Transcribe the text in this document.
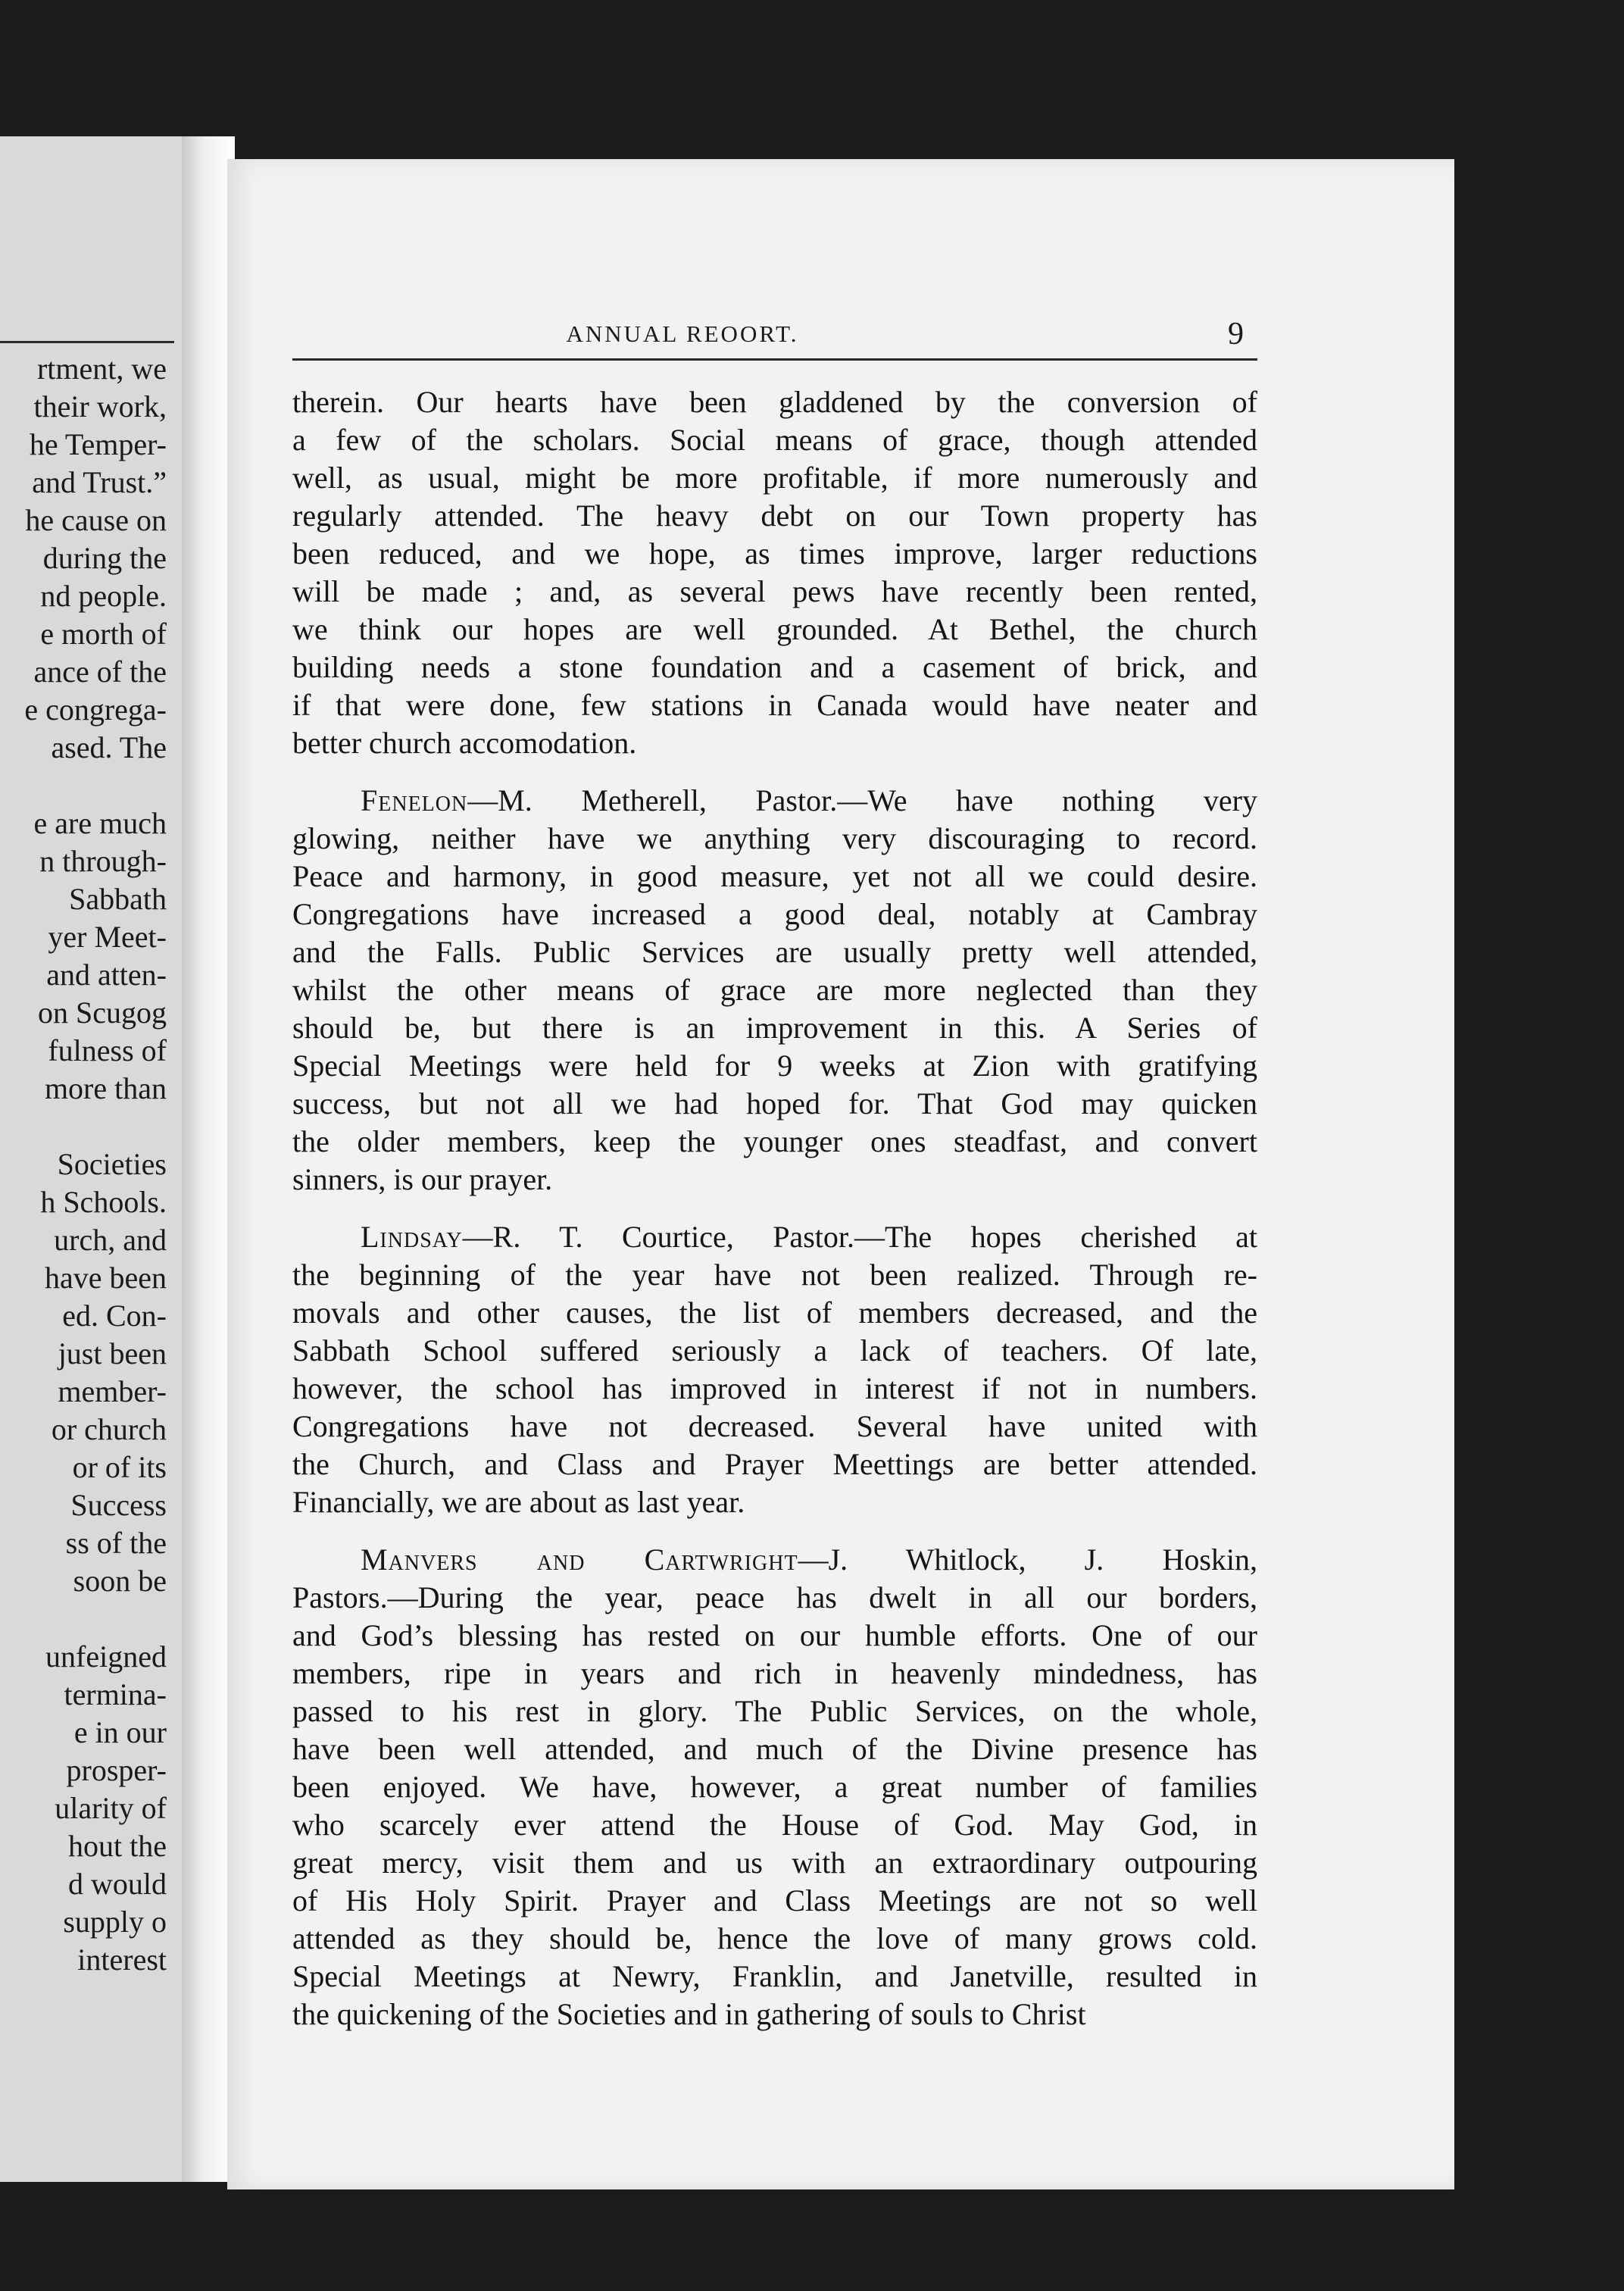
rtment, we
their work,
he Temper-
and Trust.”
he cause on
during the
nd people.
e morth of
ance of the
e congrega-
ased. The
e are much
n through-
Sabbath
yer Meet-
and atten-
on Scugog
fulness of
more than
Societies
h Schools.
urch, and
have been
ed. Con-
just been
member-
or church
or of its
Success
ss of the
soon be
unfeigned
termina-
e in our
prosper-
ularity of
hout the
d would
supply o
interest
ANNUAL REOORT.	9
therein. Our hearts have been gladdened by the conversion of
a few of the scholars. Social means of grace, though attended
well, as usual, might be more profitable, if more numerously and
regularly attended. The heavy debt on our Town property has
been reduced, and we hope, as times improve, larger reductions
will be made ; and, as several pews have recently been rented,
we think our hopes are well grounded. At Bethel, the church
building needs a stone foundation and a casement of brick, and
if that were done, few stations in Canada would have neater and
better church accomodation.
Fenelon—M. Metherell, Pastor.—We have nothing very
glowing, neither have we anything very discouraging to record.
Peace and harmony, in good measure, yet not all we could desire.
Congregations have increased a good deal, notably at Cambray
and the Falls. Public Services are usually pretty well attended,
whilst the other means of grace are more neglected than they
should be, but there is an improvement in this. A Series of
Special Meetings were held for 9 weeks at Zion with gratifying
success, but not all we had hoped for. That God may quicken
the older members, keep the younger ones steadfast, and convert
sinners, is our prayer.
Lindsay—R. T. Courtice, Pastor.—The hopes cherished at
the beginning of the year have not been realized. Through re-
movals and other causes, the list of members decreased, and the
Sabbath School suffered seriously a lack of teachers. Of late,
however, the school has improved in interest if not in numbers.
Congregations have not decreased. Several have united with
the Church, and Class and Prayer Meettings are better attended.
Financially, we are about as last year.
Manvers and Cartwright—J. Whitlock, J. Hoskin,
Pastors.—During the year, peace has dwelt in all our borders,
and God’s blessing has rested on our humble efforts. One of our
members, ripe in years and rich in heavenly mindedness, has
passed to his rest in glory. The Public Services, on the whole,
have been well attended, and much of the Divine presence has
been enjoyed. We have, however, a great number of families
who scarcely ever attend the House of God. May God, in
great mercy, visit them and us with an extraordinary outpouring
of His Holy Spirit. Prayer and Class Meetings are not so well
attended as they should be, hence the love of many grows cold.
Special Meetings at Newry, Franklin, and Janetville, resulted in
the quickening of the Societies and in gathering of souls to Christ
